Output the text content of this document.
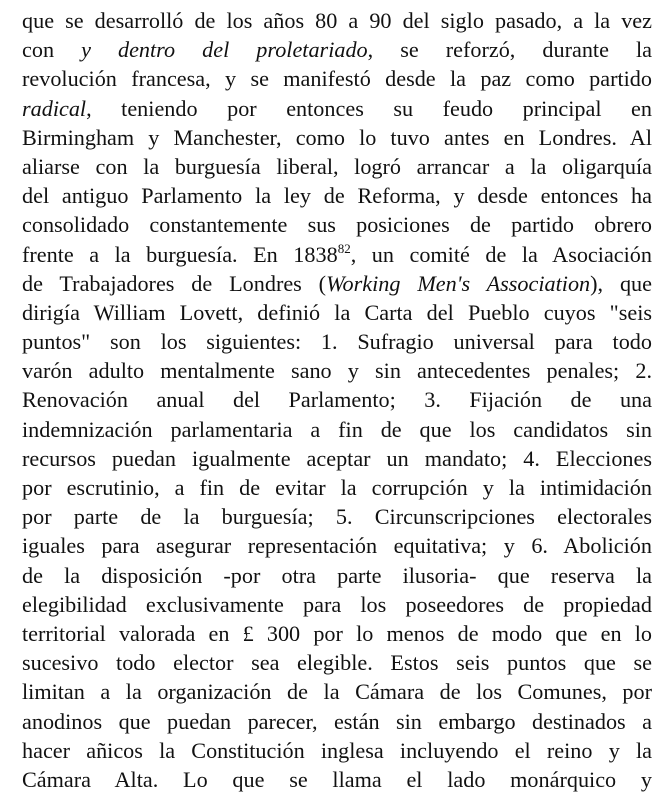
que se desarrolló de los años 80 a 90 del siglo pasado, a la vez
con y dentro del proletariado, se reforzó, durante la
revolución francesa, y se manifestó desde la paz como partido
radical, teniendo por entonces su feudo principal en
Birmingham y Manchester, como lo tuvo antes en Londres. Al
aliarse con la burguesía liberal, logró arrancar a la oligarquía
del antiguo Parlamento la ley de Reforma, y desde entonces ha
consolidado constantemente sus posiciones de partido obrero
frente a la burguesía. En 1838$^{82}$, un comité de la Asociación
de Trabajadores de Londres (Working Men's Association), que
dirigía William Lovett, definió la Carta del Pueblo cuyos "seis
puntos" son los siguientes: 1. Sufragio universal para todo
varón adulto mentalmente sano y sin antecedentes penales; 2.
Renovación anual del Parlamento; 3. Fijación de una
indemnización parlamentaria a fin de que los candidatos sin
recursos puedan igualmente aceptar un mandato; 4. Elecciones
por escrutinio, a fin de evitar la corrupción y la intimidación
por parte de la burguesía; 5. Circunscripciones electorales
iguales para asegurar representación equitativa; y 6. Abolición
de la disposición -por otra parte ilusoria- que reserva la
elegibilidad exclusivamente para los poseedores de propiedad
territorial valorada en £ 300 por lo menos de modo que en lo
sucesivo todo elector sea elegible. Estos seis puntos que se
limitan a la organización de la Cámara de los Comunes, por
anodinos que puedan parecer, están sin embargo destinados a
hacer añicos la Constitución inglesa incluyendo el reino y la
Cámara Alta. Lo que se llama el lado monárquico y
